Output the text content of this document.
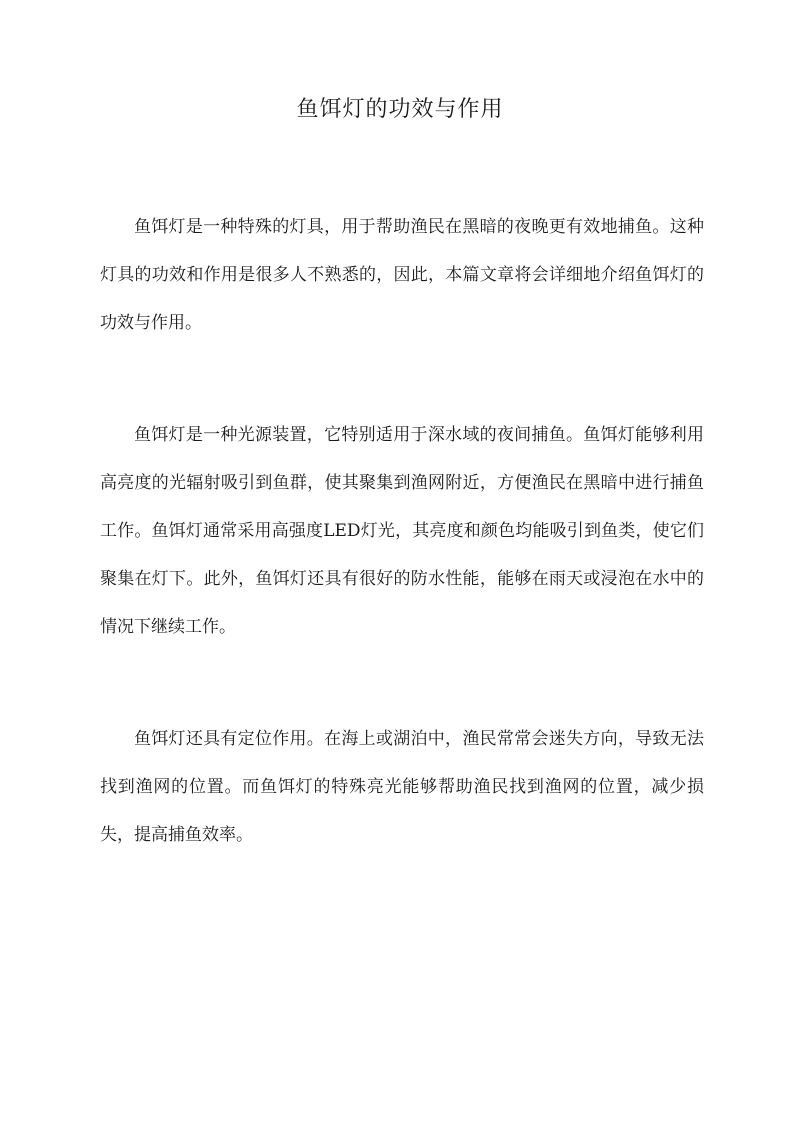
鱼饵灯的功效与作用

鱼饵灯是一种特殊的灯具，用于帮助渔民在黑暗的夜晚更有效地捕鱼。这种灯具的功效和作用是很多人不熟悉的，因此，本篇文章将会详细地介绍鱼饵灯的功效与作用。

鱼饵灯是一种光源装置，它特别适用于深水域的夜间捕鱼。鱼饵灯能够利用高亮度的光辐射吸引到鱼群，使其聚集到渔网附近，方便渔民在黑暗中进行捕鱼工作。鱼饵灯通常采用高强度LED灯光，其亮度和颜色均能吸引到鱼类，使它们聚集在灯下。此外，鱼饵灯还具有很好的防水性能，能够在雨天或浸泡在水中的情况下继续工作。

鱼饵灯还具有定位作用。在海上或湖泊中，渔民常常会迷失方向，导致无法找到渔网的位置。而鱼饵灯的特殊亮光能够帮助渔民找到渔网的位置，减少损失，提高捕鱼效率。
